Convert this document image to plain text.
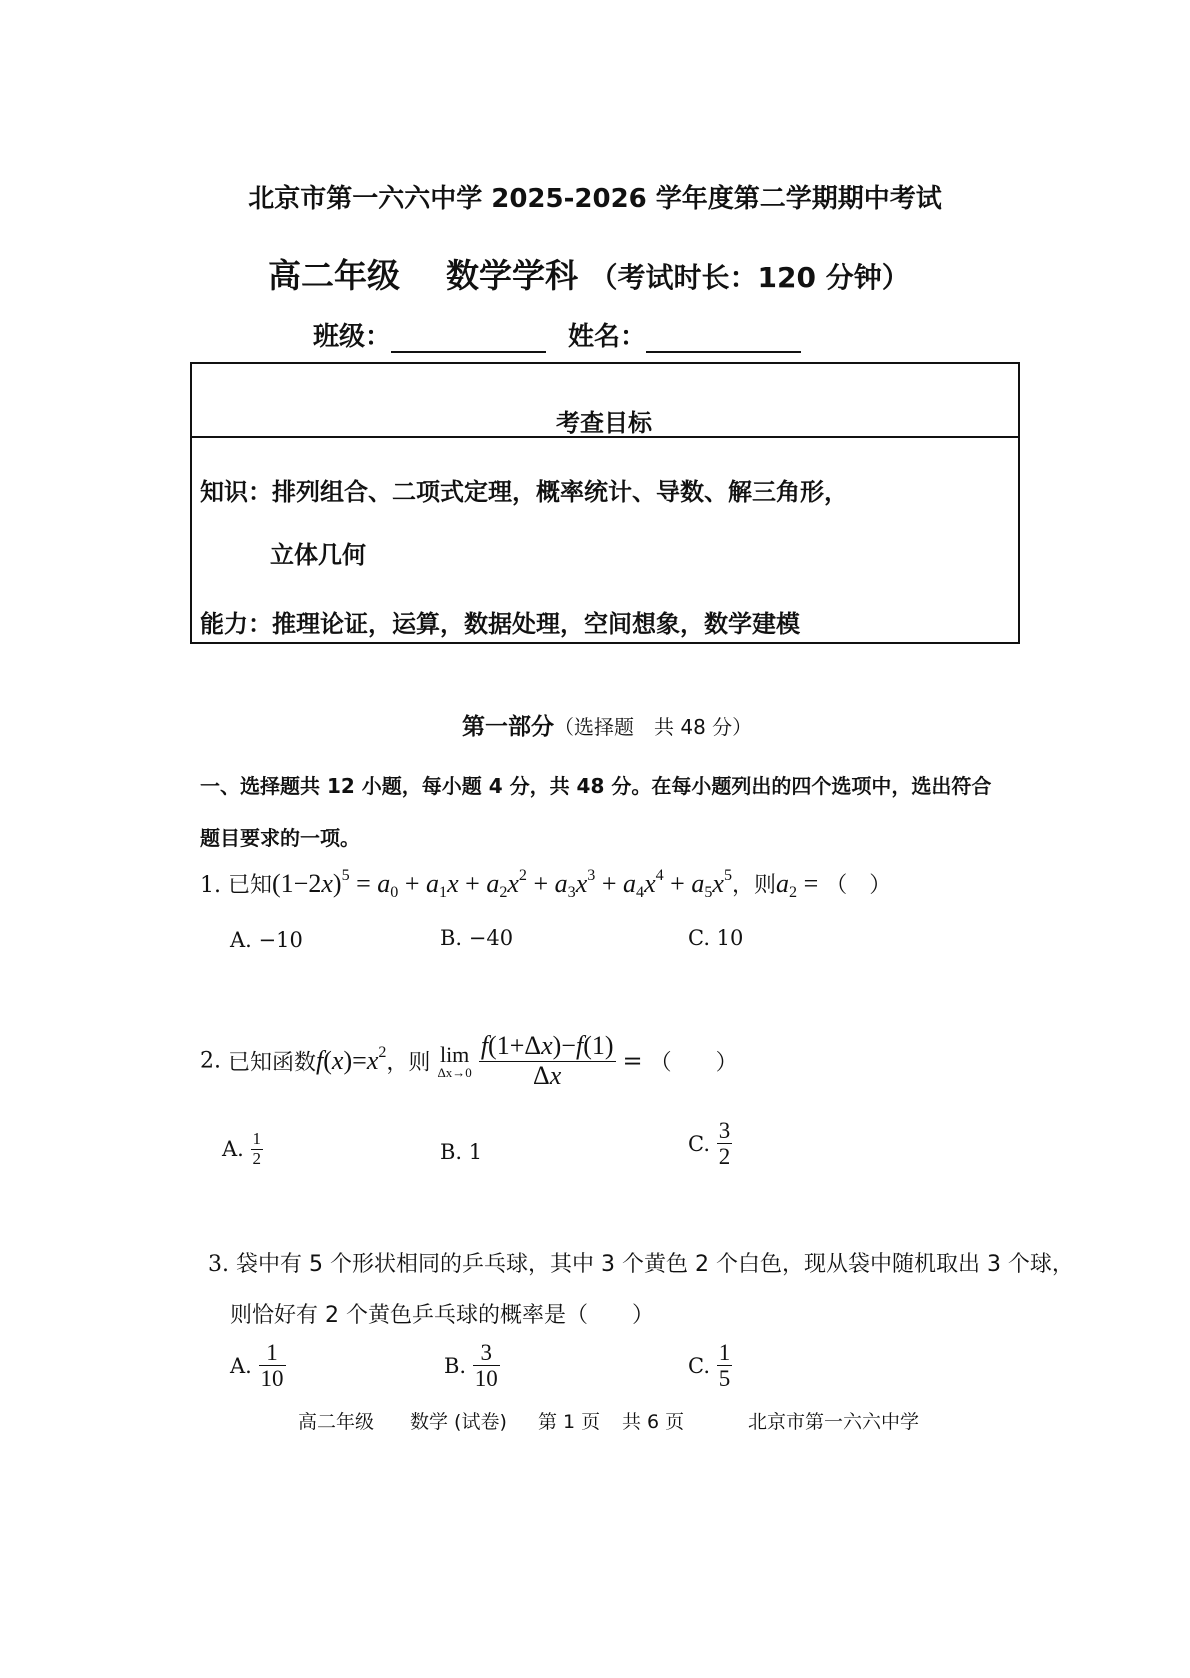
北京市第一六六中学 2025-2026 学年度第二学期期中考试
高二年级 数学学科 （考试时长：120 分钟）
班级：	姓名：
考查目标
知识：排列组合、二项式定理，概率统计、导数、解三角形，
立体几何
能力：推理论证，运算，数据处理，空间想象，数学建模
第一部分（选择题　共 48 分）
一、选择题共 12 小题，每小题 4 分，共 48 分。在每小题列出的四个选项中，选出符合
题目要求的一项。
1. 已知$(1-2x)^5 = a_0 + a_1x + a_2x^2 + a_3x^3 + a_4x^4 + a_5x^5$，则$a_2$ = （　）
A. −10	B. −40	C. 10
2. 已知函数$f(x)=x^2$，则 lim
Δx→0
$\frac{f(1+\Delta x)-f(1)}{\Delta x}$ = （　　）
A. $\frac{1}{2}$	B. 1	C. $\frac{3}{2}$
3. 袋中有 5 个形状相同的乒乓球，其中 3 个黄色 2 个白色，现从袋中随机取出 3 个球，
则恰好有 2 个黄色乒乓球的概率是（　　）
A. $\frac{1}{10}$	B. $\frac{3}{10}$	C. $\frac{1}{5}$
高二年级 数学 (试卷) 第 1 页 共 6 页	北京市第一六六中学
